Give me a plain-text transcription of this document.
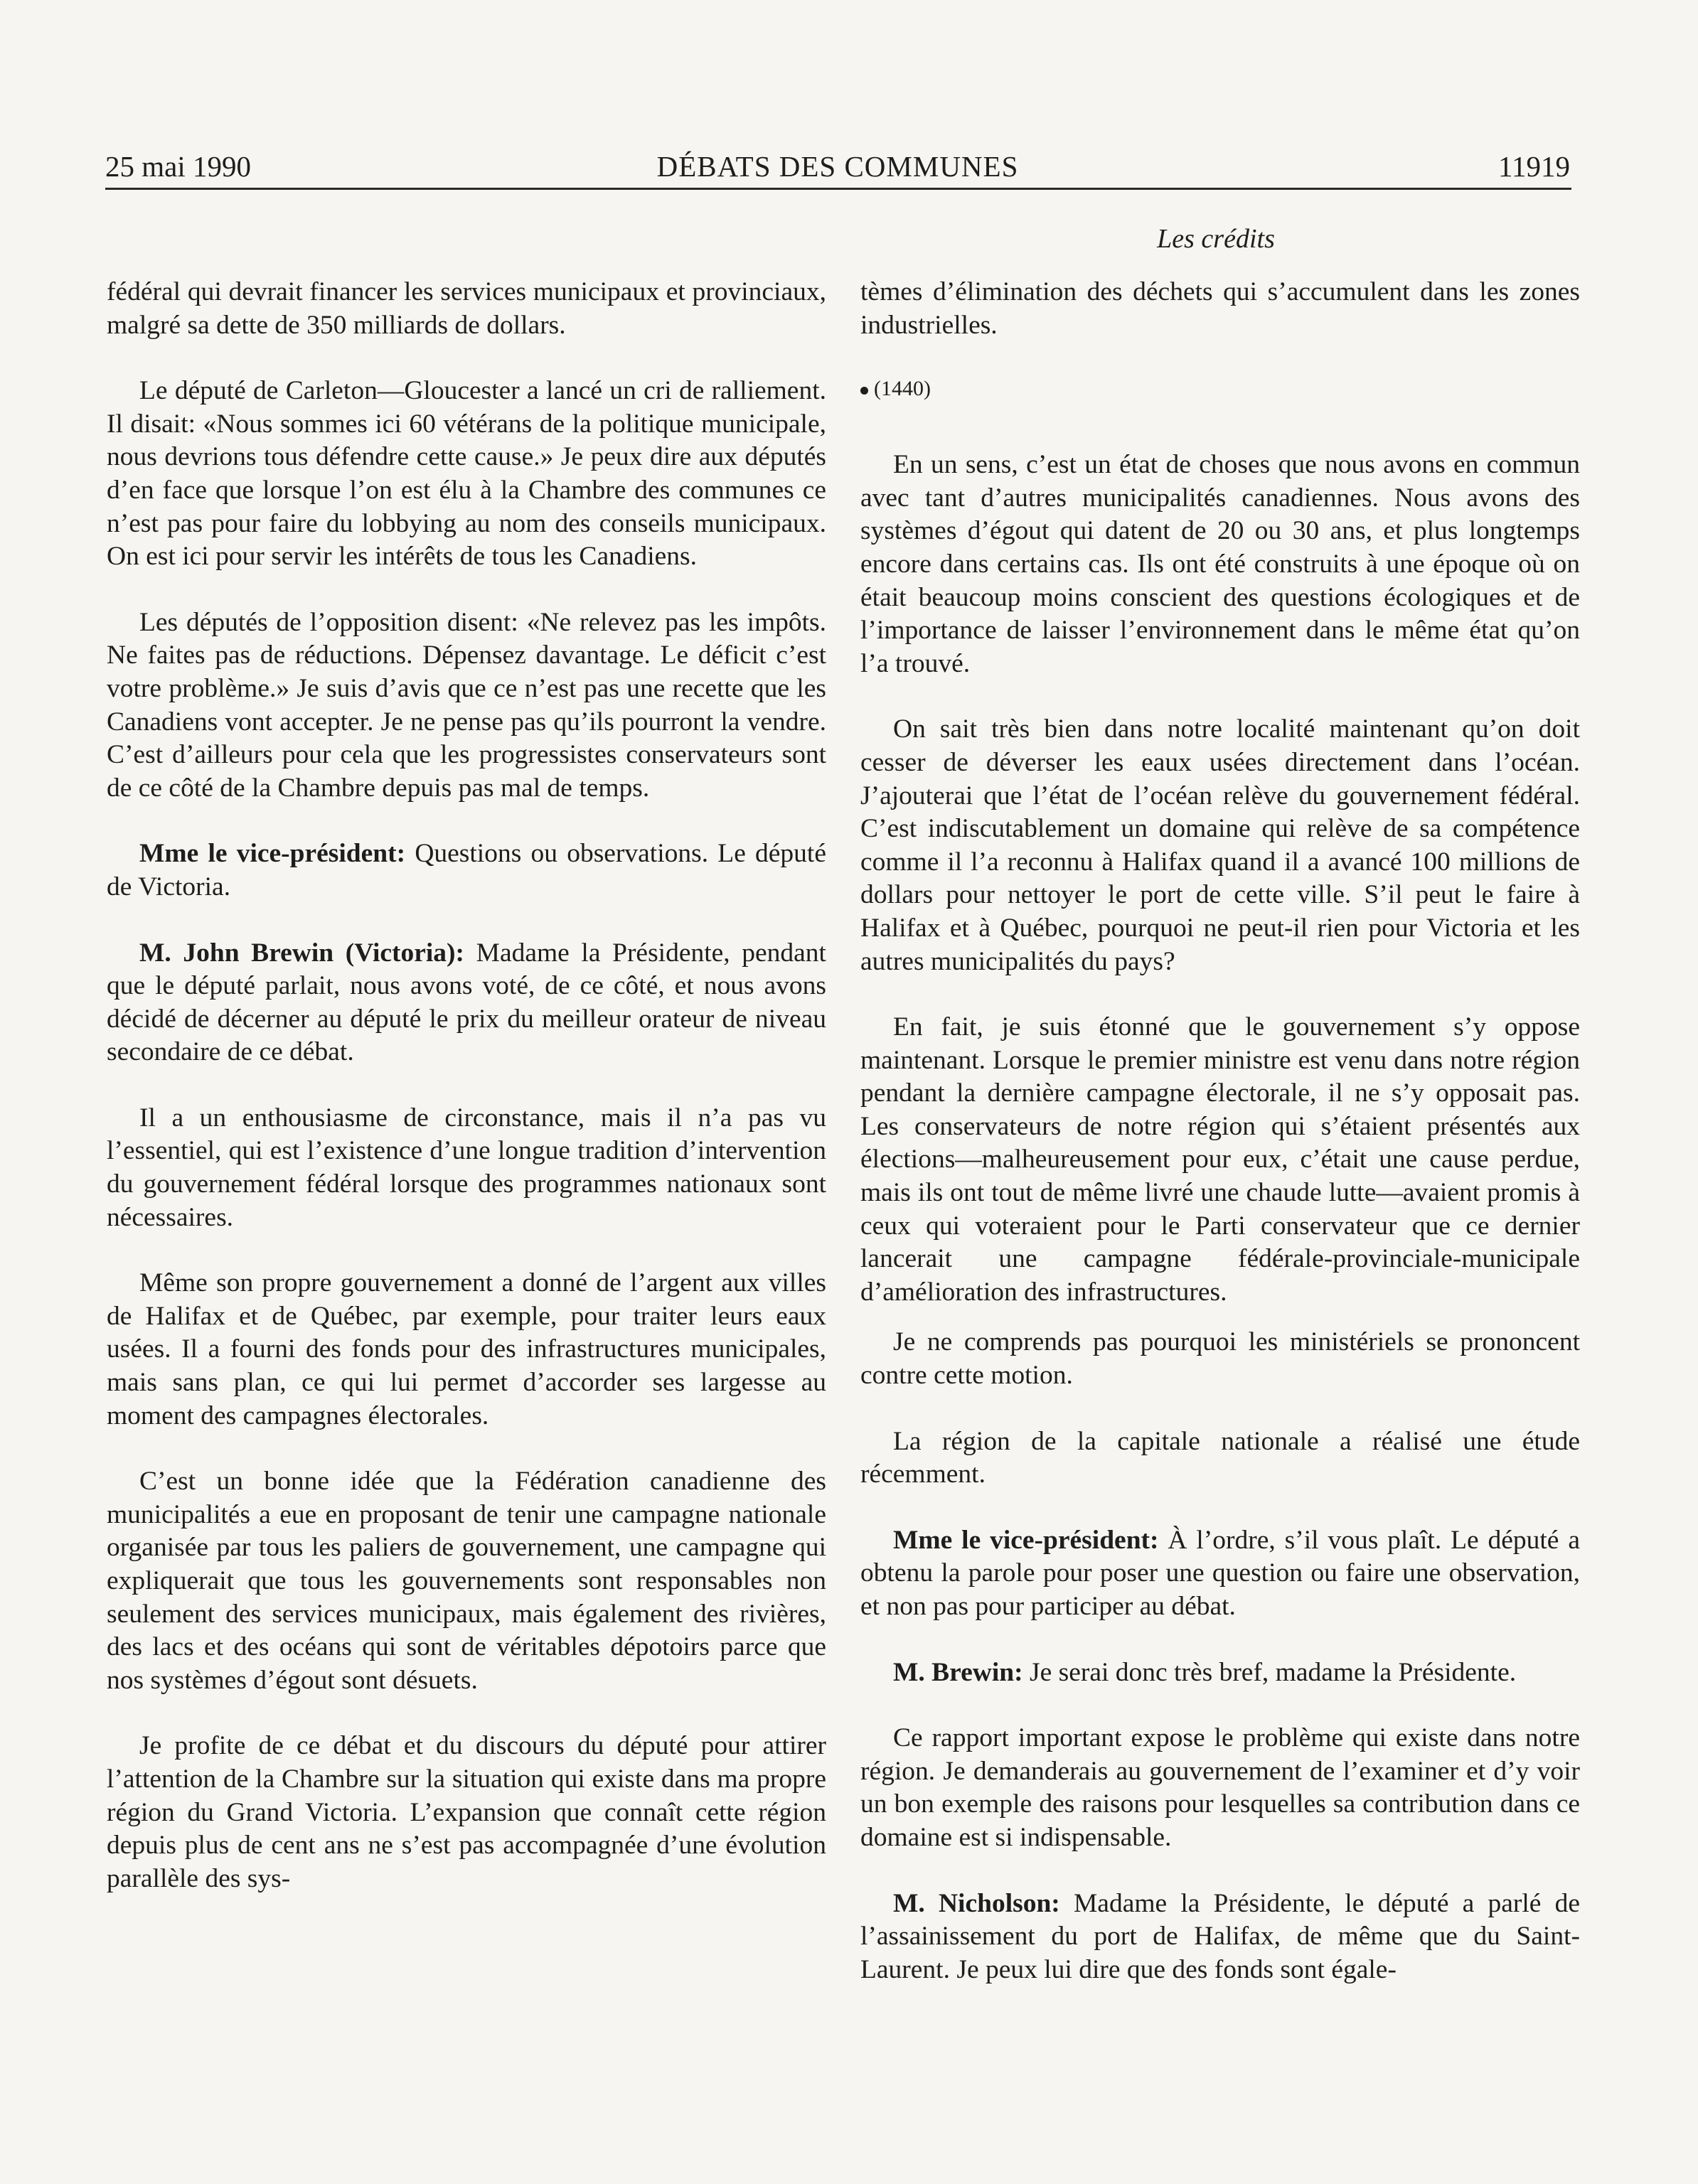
25 mai 1990	DÉBATS DES COMMUNES	11919
Les crédits

fédéral qui devrait financer les services municipaux et provinciaux, malgré sa dette de 350 milliards de dollars.

Le député de Carleton—Gloucester a lancé un cri de ralliement. Il disait: «Nous sommes ici 60 vétérans de la politique municipale, nous devrions tous défendre cette cause.» Je peux dire aux députés d’en face que lorsque l’on est élu à la Chambre des communes ce n’est pas pour faire du lobbying au nom des conseils municipaux. On est ici pour servir les intérêts de tous les Canadiens.

Les députés de l’opposition disent: «Ne relevez pas les impôts. Ne faites pas de réductions. Dépensez davantage. Le déficit c’est votre problème.» Je suis d’avis que ce n’est pas une recette que les Canadiens vont accepter. Je ne pense pas qu’ils pourront la vendre. C’est d’ailleurs pour cela que les progressistes conservateurs sont de ce côté de la Chambre depuis pas mal de temps.

Mme le vice-président: Questions ou observations. Le député de Victoria.

M. John Brewin (Victoria): Madame la Présidente, pendant que le député parlait, nous avons voté, de ce côté, et nous avons décidé de décerner au député le prix du meilleur orateur de niveau secondaire de ce débat.

Il a un enthousiasme de circonstance, mais il n’a pas vu l’essentiel, qui est l’existence d’une longue tradition d’intervention du gouvernement fédéral lorsque des programmes nationaux sont nécessaires.

Même son propre gouvernement a donné de l’argent aux villes de Halifax et de Québec, par exemple, pour traiter leurs eaux usées. Il a fourni des fonds pour des infrastructures municipales, mais sans plan, ce qui lui permet d’accorder ses largesse au moment des campagnes électorales.

C’est un bonne idée que la Fédération canadienne des municipalités a eue en proposant de tenir une campagne nationale organisée par tous les paliers de gouvernement, une campagne qui expliquerait que tous les gouvernements sont responsables non seulement des services municipaux, mais également des rivières, des lacs et des océans qui sont de véritables dépotoirs parce que nos systèmes d’égout sont désuets.

Je profite de ce débat et du discours du député pour attirer l’attention de la Chambre sur la situation qui existe dans ma propre région du Grand Victoria. L’expansion que connaît cette région depuis plus de cent ans ne s’est pas accompagnée d’une évolution parallèle des sys-

tèmes d’élimination des déchets qui s’accumulent dans les zones industrielles.

(1440)

En un sens, c’est un état de choses que nous avons en commun avec tant d’autres municipalités canadiennes. Nous avons des systèmes d’égout qui datent de 20 ou 30 ans, et plus longtemps encore dans certains cas. Ils ont été construits à une époque où on était beaucoup moins conscient des questions écologiques et de l’importance de laisser l’environnement dans le même état qu’on l’a trouvé.

On sait très bien dans notre localité maintenant qu’on doit cesser de déverser les eaux usées directement dans l’océan. J’ajouterai que l’état de l’océan relève du gouvernement fédéral. C’est indiscutablement un domaine qui relève de sa compétence comme il l’a reconnu à Halifax quand il a avancé 100 millions de dollars pour nettoyer le port de cette ville. S’il peut le faire à Halifax et à Québec, pourquoi ne peut-il rien pour Victoria et les autres municipalités du pays?

En fait, je suis étonné que le gouvernement s’y oppose maintenant. Lorsque le premier ministre est venu dans notre région pendant la dernière campagne électorale, il ne s’y opposait pas. Les conservateurs de notre région qui s’étaient présentés aux élections—malheureusement pour eux, c’était une cause perdue, mais ils ont tout de même livré une chaude lutte—avaient promis à ceux qui voteraient pour le Parti conservateur que ce dernier lancerait une campagne fédérale-provinciale-municipale d’amélioration des infrastructures.

Je ne comprends pas pourquoi les ministériels se prononcent contre cette motion.

La région de la capitale nationale a réalisé une étude récemment.

Mme le vice-président: À l’ordre, s’il vous plaît. Le député a obtenu la parole pour poser une question ou faire une observation, et non pas pour participer au débat.

M. Brewin: Je serai donc très bref, madame la Présidente.

Ce rapport important expose le problème qui existe dans notre région. Je demanderais au gouvernement de l’examiner et d’y voir un bon exemple des raisons pour lesquelles sa contribution dans ce domaine est si indispensable.

M. Nicholson: Madame la Présidente, le député a parlé de l’assainissement du port de Halifax, de même que du Saint-Laurent. Je peux lui dire que des fonds sont égale-
